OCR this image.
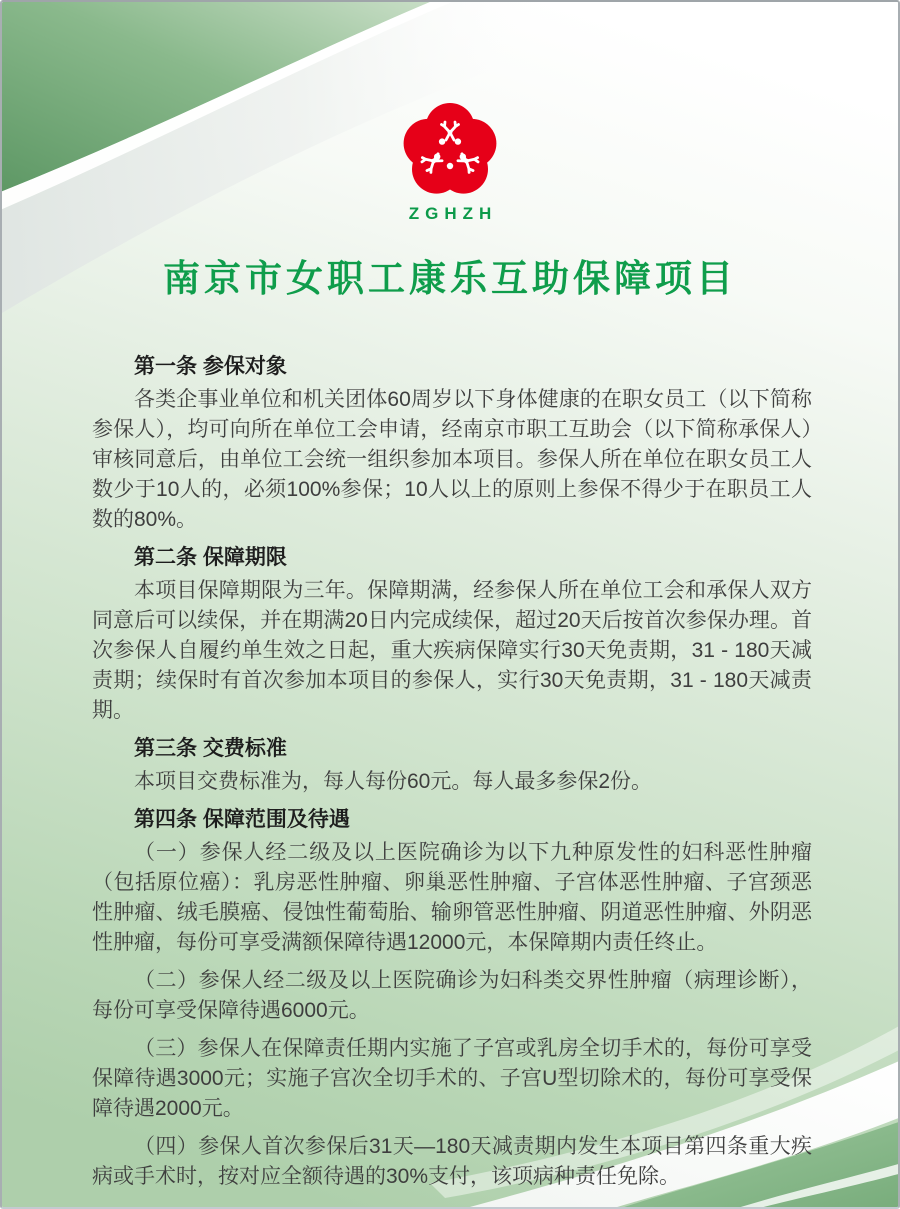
ZGHZH
南京市女职工康乐互助保障项目
第一条 参保对象

各类企事业单位和机关团体60周岁以下身体健康的在职女员工（以下简称参保人），均可向所在单位工会申请，经南京市职工互助会（以下简称承保人）审核同意后，由单位工会统一组织参加本项目。参保人所在单位在职女员工人数少于10人的，必须100%参保；10人以上的原则上参保不得少于在职员工人数的80%。

第二条 保障期限

本项目保障期限为三年。保障期满，经参保人所在单位工会和承保人双方同意后可以续保，并在期满20日内完成续保，超过20天后按首次参保办理。首次参保人自履约单生效之日起，重大疾病保障实行30天免责期，31 - 180天减责期；续保时有首次参加本项目的参保人，实行30天免责期，31 - 180天减责期。

第三条 交费标准

本项目交费标准为，每人每份60元。每人最多参保2份。

第四条 保障范围及待遇

（一）参保人经二级及以上医院确诊为以下九种原发性的妇科恶性肿瘤（包括原位癌）：乳房恶性肿瘤、卵巢恶性肿瘤、子宫体恶性肿瘤、子宫颈恶性肿瘤、绒毛膜癌、侵蚀性葡萄胎、输卵管恶性肿瘤、阴道恶性肿瘤、外阴恶性肿瘤，每份可享受满额保障待遇12000元，本保障期内责任终止。

（二）参保人经二级及以上医院确诊为妇科类交界性肿瘤（病理诊断），每份可享受保障待遇6000元。

（三）参保人在保障责任期内实施了子宫或乳房全切手术的，每份可享受保障待遇3000元；实施子宫次全切手术的、子宫U型切除术的，每份可享受保障待遇2000元。

（四）参保人首次参保后31天—180天减责期内发生本项目第四条重大疾病或手术时，按对应全额待遇的30%支付，该项病种责任免除。
